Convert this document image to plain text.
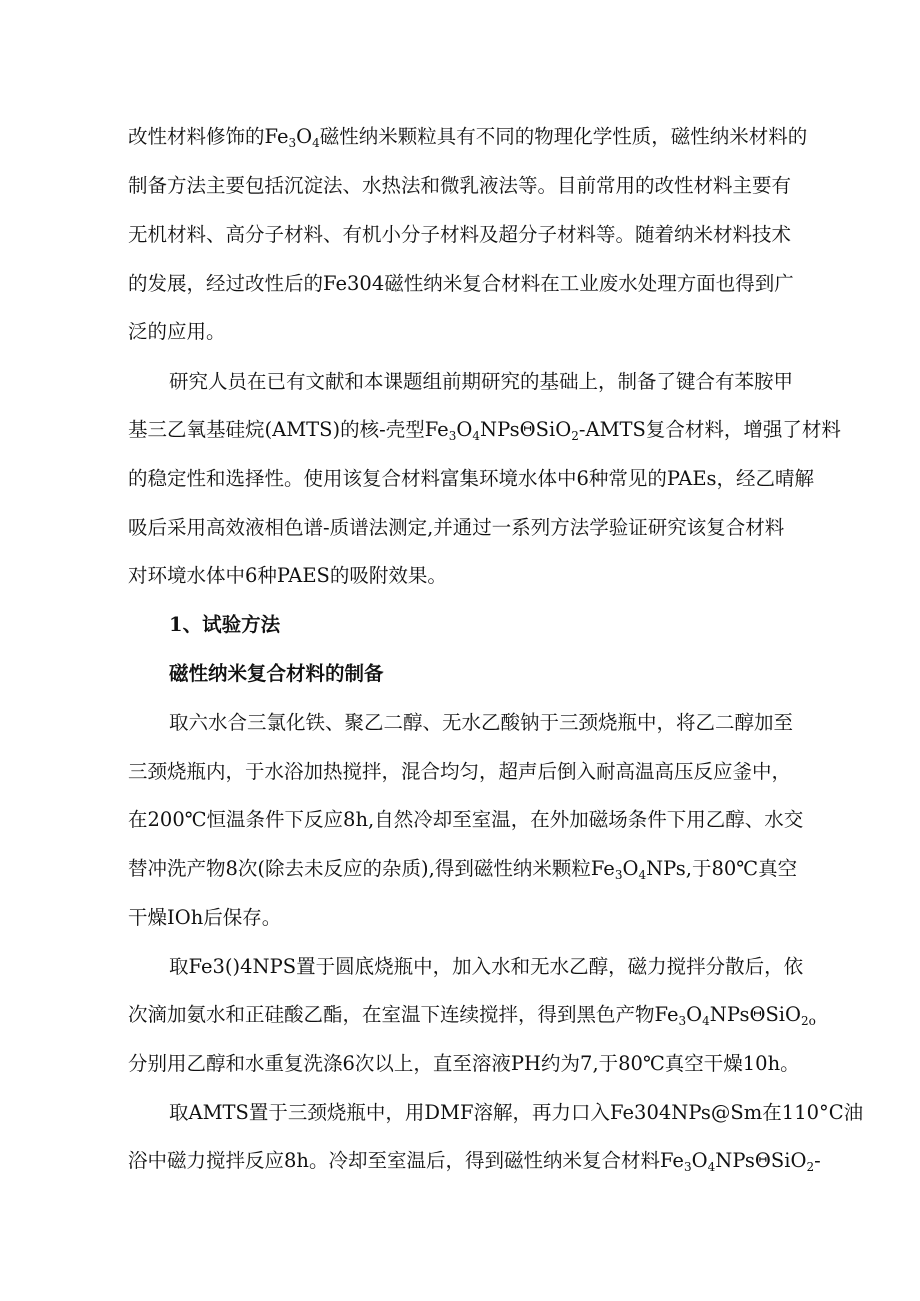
改性材料修饰的$Fe_3O_4$磁性纳米颗粒具有不同的物理化学性质，磁性纳米材料的
制备方法主要包括沉淀法、水热法和微乳液法等。目前常用的改性材料主要有
无机材料、高分子材料、有机小分子材料及超分子材料等。随着纳米材料技术
的发展，经过改性后的Fe304磁性纳米复合材料在工业废水处理方面也得到广
泛的应用。
研究人员在已有文献和本课题组前期研究的基础上，制备了键合有苯胺甲
基三乙氧基硅烷(AMTS)的核-壳型$Fe_3O_4NPs\Theta SiO_2$-AMTS复合材料，增强了材料
的稳定性和选择性。使用该复合材料富集环境水体中6种常见的PAEs，经乙晴解
吸后采用高效液相色谱-质谱法测定,并通过一系列方法学验证研究该复合材料
对环境水体中6种PAES的吸附效果。
1、试验方法
磁性纳米复合材料的制备
取六水合三氯化铁、聚乙二醇、无水乙酸钠于三颈烧瓶中，将乙二醇加至
三颈烧瓶内，于水浴加热搅拌，混合均匀，超声后倒入耐高温高压反应釜中，
在200℃恒温条件下反应8h,自然冷却至室温，在外加磁场条件下用乙醇、水交
替冲洗产物8次(除去未反应的杂质),得到磁性纳米颗粒$Fe_3O_4NPs$,于80℃真空
干燥IOh后保存。
取Fe3()4NPS置于圆底烧瓶中，加入水和无水乙醇，磁力搅拌分散后，依
次滴加氨水和正硅酸乙酯，在室温下连续搅拌，得到黑色产物$Fe_3O_4NPs\Theta SiO_{2o}$
分别用乙醇和水重复洗涤6次以上，直至溶液PH约为7,于80℃真空干燥10h。
取AMTS置于三颈烧瓶中，用DMF溶解，再力口入Fe304NPs@Sm在110°C油
浴中磁力搅拌反应8h。冷却至室温后，得到磁性纳米复合材料$Fe_3O_4NPs\Theta SiO_2-$
